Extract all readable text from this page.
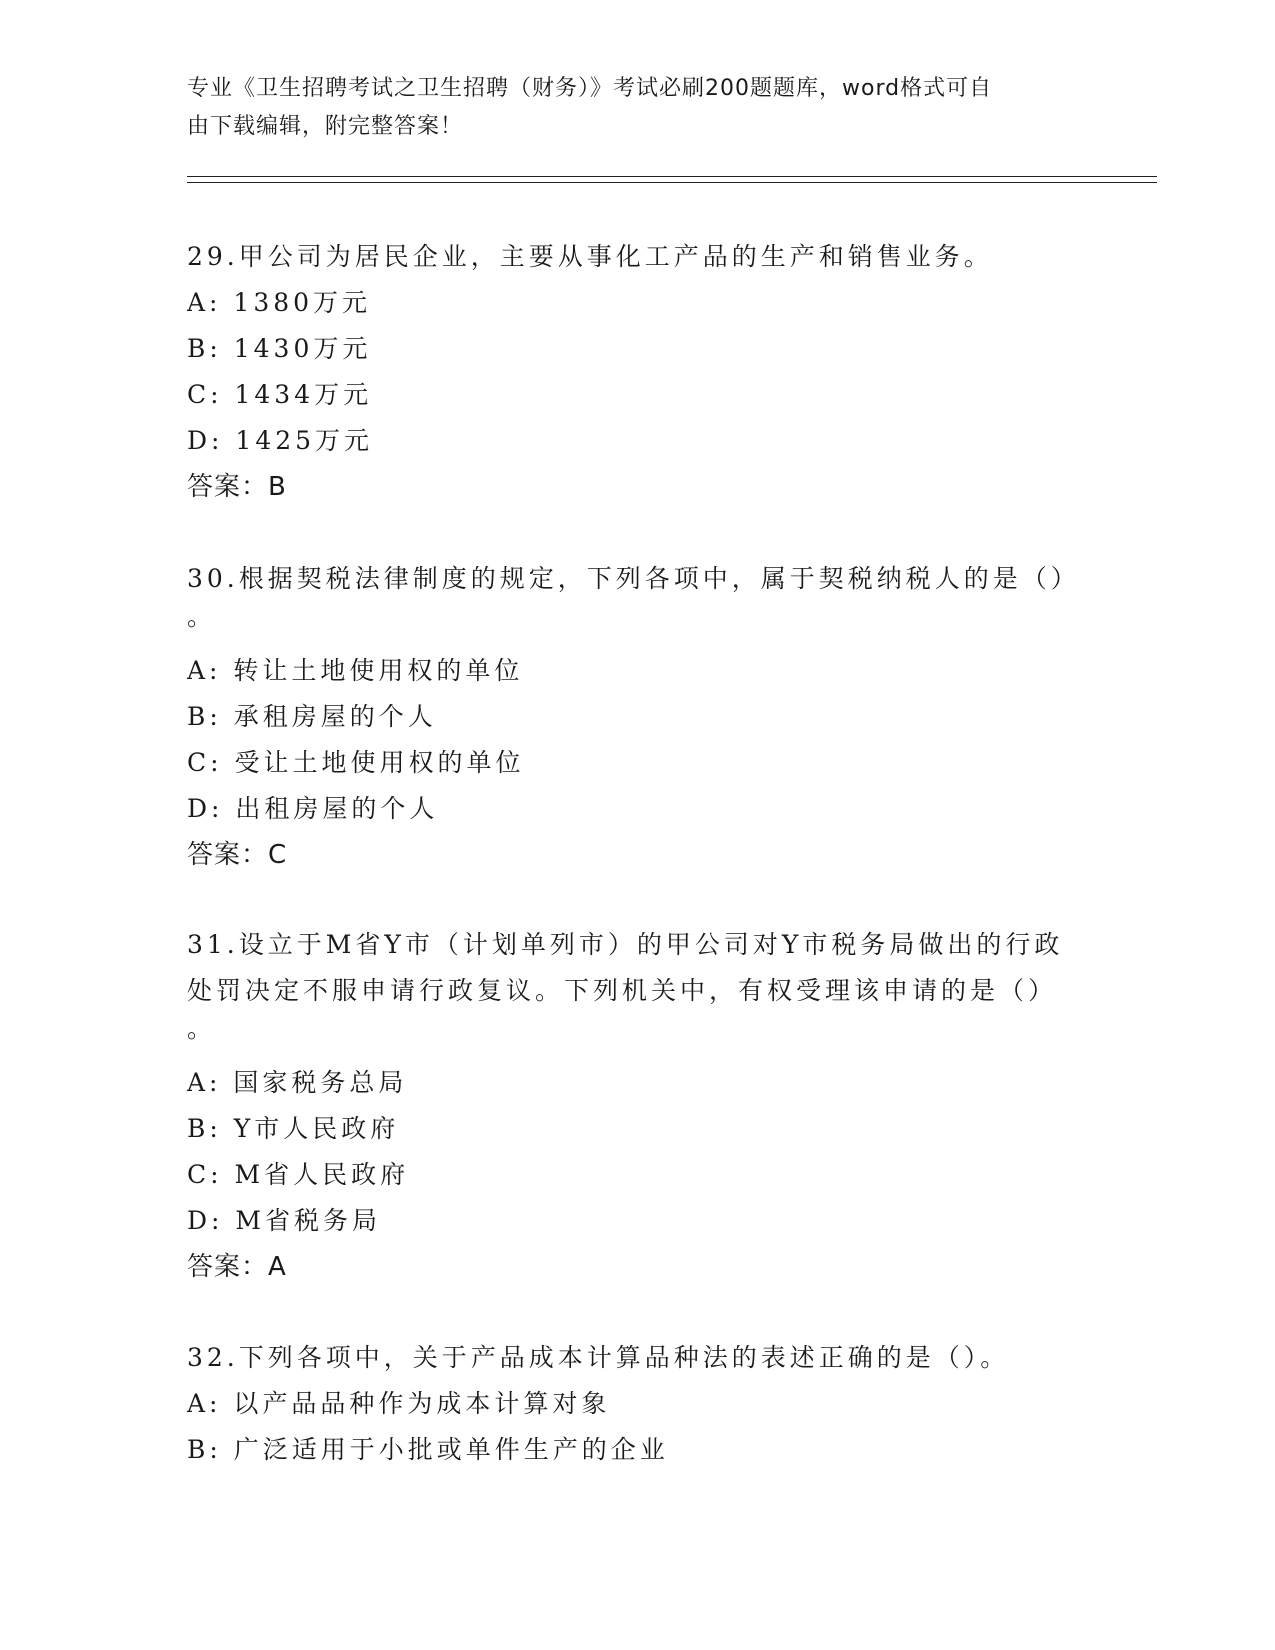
专业《卫生招聘考试之卫生招聘（财务）》考试必刷200题题库，word格式可自
由下载编辑，附完整答案！
29.甲公司为居民企业，主要从事化工产品的生产和销售业务。
A: 1380万元
B: 1430万元
C: 1434万元
D: 1425万元
答案：B
30.根据契税法律制度的规定，下列各项中，属于契税纳税人的是（）
。
A: 转让土地使用权的单位
B: 承租房屋的个人
C: 受让土地使用权的单位
D: 出租房屋的个人
答案：C
31.设立于M省Y市（计划单列市）的甲公司对Y市税务局做出的行政
处罚决定不服申请行政复议。下列机关中，有权受理该申请的是（）
。
A: 国家税务总局
B: Y市人民政府
C: M省人民政府
D: M省税务局
答案：A
32.下列各项中，关于产品成本计算品种法的表述正确的是（）。
A: 以产品品种作为成本计算对象
B: 广泛适用于小批或单件生产的企业
